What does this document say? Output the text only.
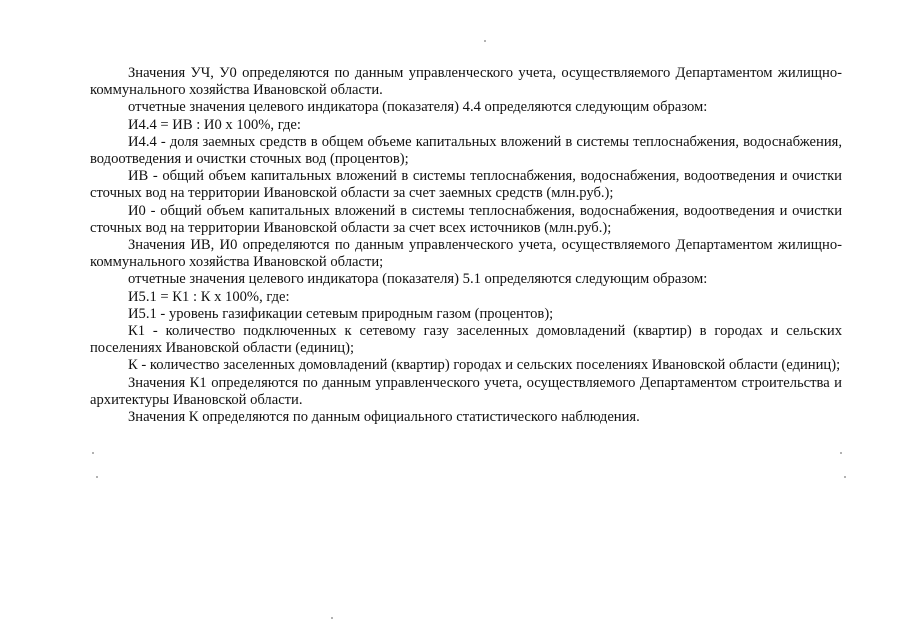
Значения УЧ, У0 определяются по данным управленческого учета, осуществляемого Департаментом жилищно-коммунального хозяйства Ивановской области.

отчетные значения целевого индикатора (показателя) 4.4 определяются следующим образом:

И4.4 = ИВ : И0 х 100%, где:

И4.4 - доля заемных средств в общем объеме капитальных вложений в системы теплоснабжения, водоснабжения, водоотведения и очистки сточных вод (процентов);

ИВ - общий объем капитальных вложений в системы теплоснабжения, водоснабжения, водоотведения и очистки сточных вод на территории Ивановской области за счет заемных средств (млн.руб.);

И0 - общий объем капитальных вложений в системы теплоснабжения, водоснабжения, водоотведения и очистки сточных вод на территории Ивановской области за счет всех источников (млн.руб.);

Значения ИВ, И0 определяются по данным управленческого учета, осуществляемого Департаментом жилищно-коммунального хозяйства Ивановской области;

отчетные значения целевого индикатора (показателя) 5.1 определяются следующим образом:

И5.1 = К1 : К х 100%, где:

И5.1 - уровень газификации сетевым природным газом (процентов);

К1 - количество подключенных к сетевому газу заселенных домовладений (квартир) в городах и сельских поселениях Ивановской области (единиц);

К - количество заселенных домовладений (квартир) городах и сельских поселениях Ивановской области (единиц);

Значения К1 определяются по данным управленческого учета, осуществляемого Департаментом строительства и архитектуры Ивановской области.

Значения К определяются по данным официального статистического наблюдения.
